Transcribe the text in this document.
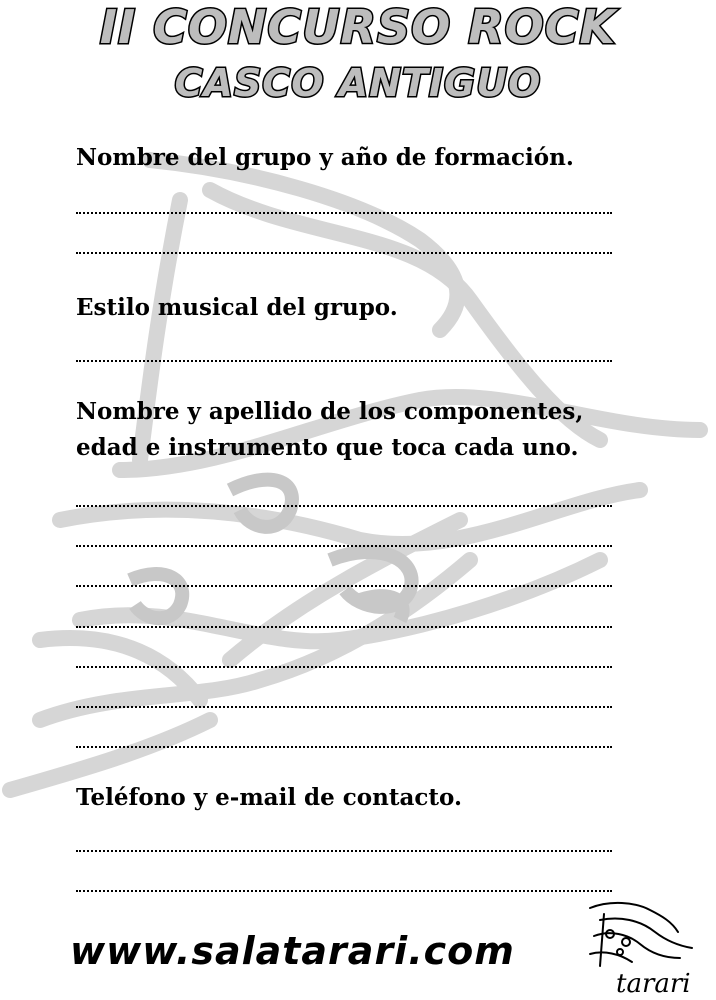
II CONCURSO ROCK
CASCO ANTIGUO
Nombre del grupo y año de formación.
Estilo musical del grupo.
Nombre y apellido de los componentes,
edad e instrumento que toca cada uno.
Teléfono y e-mail de contacto.
www.salatarari.com
tarari
